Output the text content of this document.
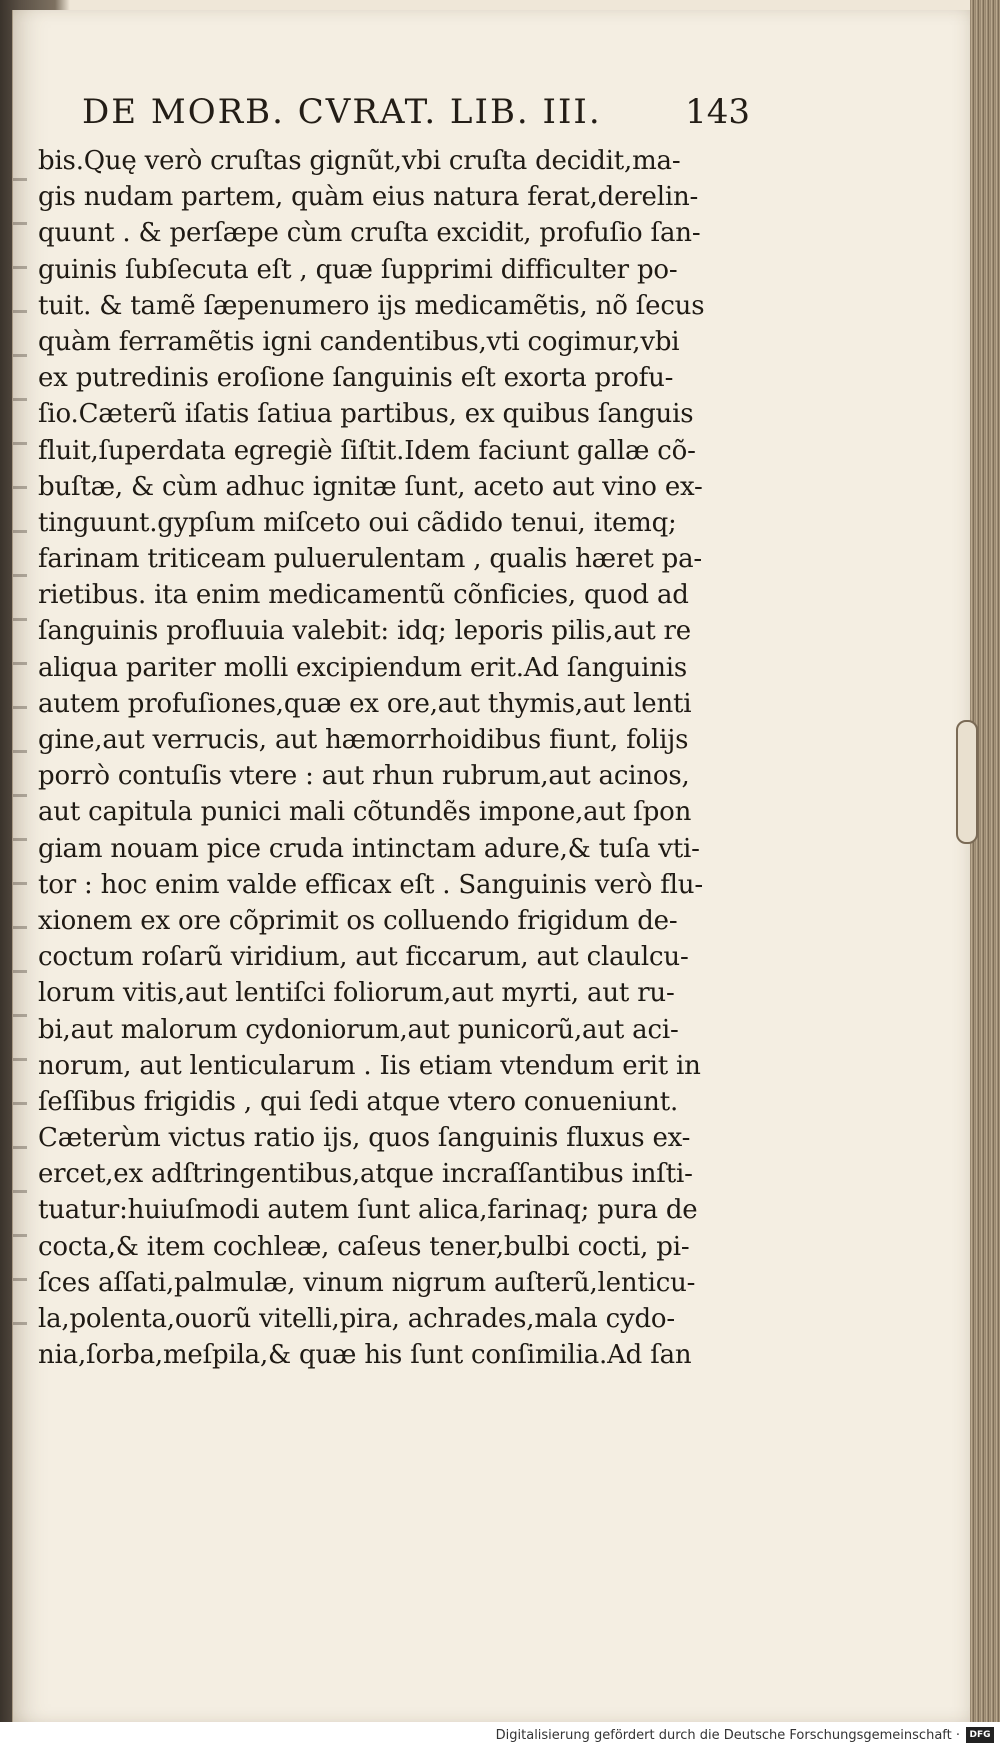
DE MORB. CVRAT. LIB. III. 143
bis.Quę verò cruſtas gignũt,vbi cruſta decidit,ma-
gis nudam partem, quàm eius natura ferat,derelin-
quunt . & perſæpe cùm cruſta excidit, profuſio ſan-
guinis ſubſecuta eſt , quæ ſupprimi difficulter po-
tuit. & tamẽ ſæpenumero ijs medicamẽtis, nõ ſecus
quàm ferramẽtis igni candentibus,vti cogimur,vbi
ex putredinis eroſione ſanguinis eſt exorta profu-
ſio.Cæterũ iſatis ſatiua partibus, ex quibus ſanguis
fluit,ſuperdata egregiè ſiſtit.Idem faciunt gallæ cõ-
buſtæ, & cùm adhuc ignitæ ſunt, aceto aut vino ex-
tinguunt.gypſum miſceto oui cãdido tenui, itemq;
farinam triticeam puluerulentam , qualis hæret pa-
rietibus. ita enim medicamentũ cõnficies, quod ad
ſanguinis profluuia valebit: idq; leporis pilis,aut re
aliqua pariter molli excipiendum erit.Ad ſanguinis
autem profuſiones,quæ ex ore,aut thymis,aut lenti
gine,aut verrucis, aut hæmorrhoidibus fiunt, folijs
porrò contuſis vtere : aut rhun rubrum,aut acinos,
aut capitula punici mali cõtundẽs impone,aut ſpon
giam nouam pice cruda intinctam adure,& tuſa vti-
tor : hoc enim valde efficax eſt . Sanguinis verò flu-
xionem ex ore cõprimit os colluendo frigidum de-
coctum roſarũ viridium, aut ficcarum, aut claulcu-
lorum vitis,aut lentiſci foliorum,aut myrti, aut ru-
bi,aut malorum cydoniorum,aut punicorũ,aut aci-
norum, aut lenticularum . Iis etiam vtendum erit in
ſeſſibus frigidis , qui ſedi atque vtero conueniunt.
Cæterùm victus ratio ijs, quos ſanguinis fluxus ex-
ercet,ex adſtringentibus,atque incraſſantibus inſti-
tuatur:huiuſmodi autem ſunt alica,farinaq; pura de
cocta,& item cochleæ, caſeus tener,bulbi cocti, pi-
ſces aſſati,palmulæ, vinum nigrum auſterũ,lenticu-
la,polenta,ouorũ vitelli,pira, achrades,mala cydo-
nia,ſorba,meſpila,& quæ his ſunt conſimilia.Ad ſan
Digitalisierung gefördert durch die Deutsche Forschungsgemeinschaft ·	DFG
